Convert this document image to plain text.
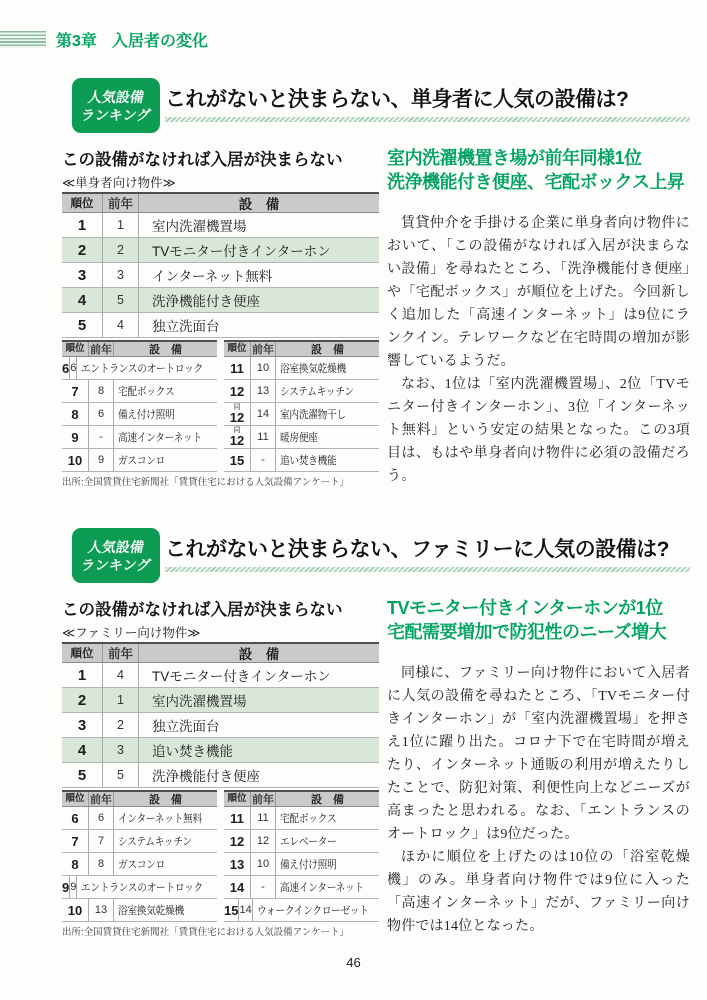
第3章 入居者の変化
人気設備
ランキング
これがないと決まらない、単身者に人気の設備は?
この設備がなければ入居が決まらない
≪単身者向け物件≫
順位	前年	設　備
1	1	室内洗濯機置場
2	2	TVモニター付きインターホン
3	3	インターネット無料
4	5	洗浄機能付き便座
5	4	独立洗面台
順位 前年	設　備
6 6 エントランスのオートロック
7	8	宅配ボックス
8	6	備え付け照明
9	-	高速インターネット
10	9	ガスコンロ
順位 前年	設　備
11	10 浴室換気乾燥機
12	13 システムキッチン
同
12	14 室内洗濯物干し
同
12	11	暖房便座
15	-	追い焚き機能
出所:全国賃貸住宅新聞社「賃貸住宅における人気設備アンケート」
室内洗濯機置き場が前年同様1位
洗浄機能付き便座、宅配ボックス上昇

賃貸仲介を手掛ける企業に単身者向け物件において、「この設備がなければ入居が決まらない設備」を尋ねたところ、「洗浄機能付き便座」や「宅配ボックス」が順位を上げた。今回新しく追加した「高速インターネット」は9位にランクイン。テレワークなど在宅時間の増加が影響しているようだ。

なお、1位は「室内洗濯機置場」、2位「TVモニター付きインターホン」、3位「インターネット無料」という安定の結果となった。この3項目は、もはや単身者向け物件に必須の設備だろう。

人気設備
ランキング
これがないと決まらない、ファミリーに人気の設備は?
この設備がなければ入居が決まらない
≪ファミリー向け物件≫
順位	前年	設　備
1	4	TVモニター付きインターホン
2	1	室内洗濯機置場
3	2	独立洗面台
4	3	追い焚き機能
5	5	洗浄機能付き便座
順位 前年	設　備
6	6	インターネット無料
7	7	システムキッチン
8	8	ガスコンロ
9 9 エントランスのオートロック
10	13 浴室換気乾燥機
順位 前年	設　備
11	11	宅配ボックス
12	12 エレベーター
13	10 備え付け照明
14	-	高速インターネット
15 14 ウォークインクローゼット
出所:全国賃貸住宅新聞社「賃貸住宅における人気設備アンケート」
TVモニター付きインターホンが1位
宅配需要増加で防犯性のニーズ増大

同様に、ファミリー向け物件において入居者に人気の設備を尋ねたところ、「TVモニター付きインターホン」が「室内洗濯機置場」を押さえ1位に躍り出た。コロナ下で在宅時間が増えたり、インターネット通販の利用が増えたりしたことで、防犯対策、利便性向上などニーズが高まったと思われる。なお、「エントランスのオートロック」は9位だった。

ほかに順位を上げたのは10位の「浴室乾燥機」のみ。単身者向け物件では9位に入った「高速インターネット」だが、ファミリー向け物件では14位となった。

46
